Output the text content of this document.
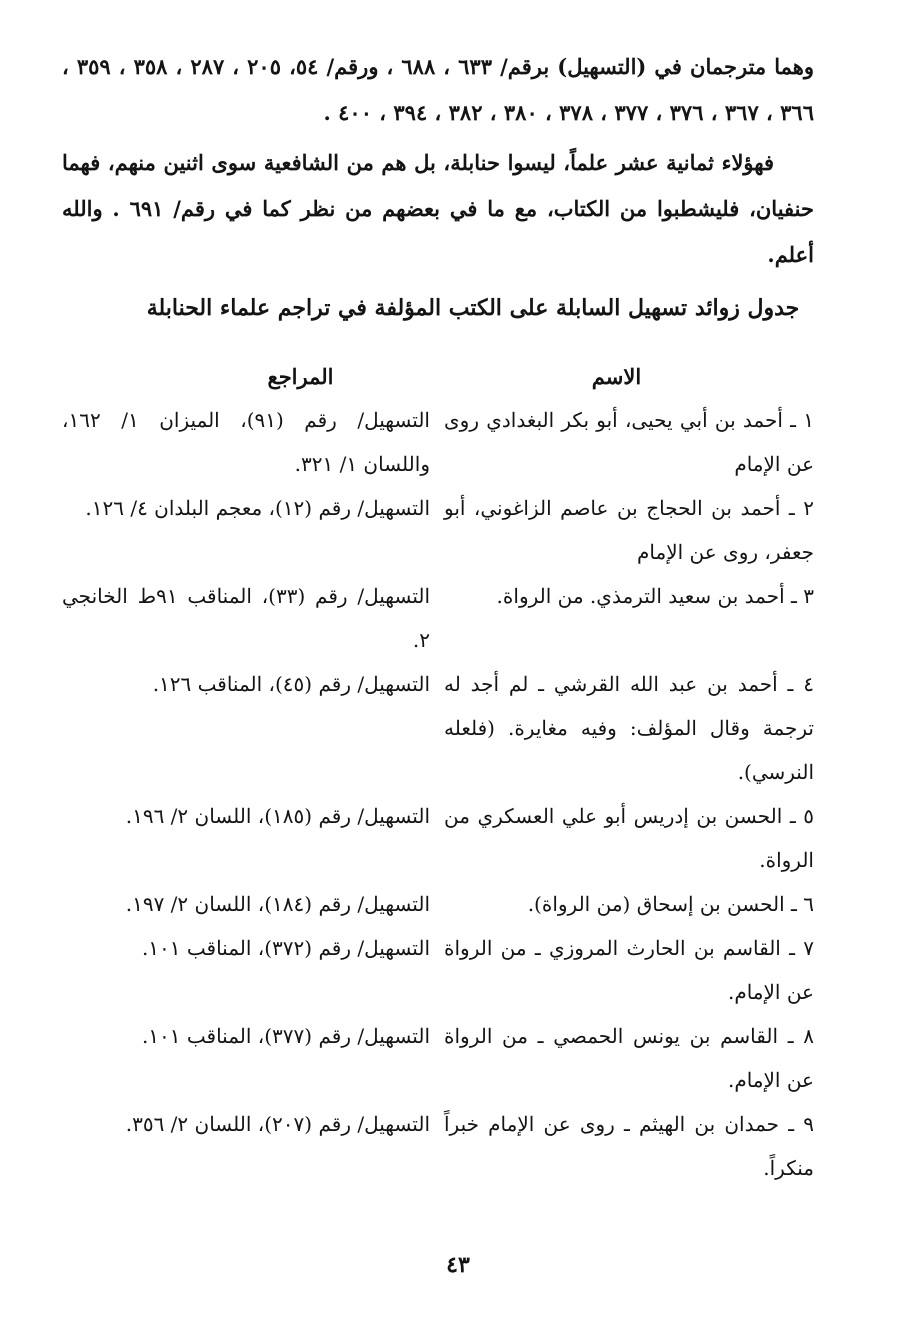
وهما مترجمان في (التسهيل) برقم/ ٦٣٣ ، ٦٨٨ ، ورقم/ ٥٤، ٢٠٥ ، ٢٨٧ ، ٣٥٨ ، ٣٥٩ ، ٣٦٦ ، ٣٦٧ ، ٣٧٦ ، ٣٧٧ ، ٣٧٨ ، ٣٨٠ ، ٣٨٢ ، ٣٩٤ ، ٤٠٠ .

فهؤلاء ثمانية عشر علماً، ليسوا حنابلة، بل هم من الشافعية سوى اثنين منهم، فهما حنفيان، فليشطبوا من الكتاب، مع ما في بعضهم من نظر كما في رقم/ ٦٩١ . والله أعلم.

جدول زوائد تسهيل السابلة على الكتب المؤلفة في تراجم علماء الحنابلة
الاسم
المراجع
١ ـ أحمد بن أبي يحيى، أبو بكر البغدادي روى عن الإمام
التسهيل/ رقم (٩١)، الميزان ١/ ١٦٢، واللسان ١/ ٣٢١.
٢ ـ أحمد بن الحجاج بن عاصم الزاغوني، أبو جعفر، روى عن الإمام
التسهيل/ رقم (١٢)، معجم البلدان ٤/ ١٢٦.
٣ ـ أحمد بن سعيد الترمذي. من الرواة.
التسهيل/ رقم (٣٣)، المناقب ٩١ط الخانجي ٢.
٤ ـ أحمد بن عبد الله القرشي ـ لم أجد له ترجمة وقال المؤلف: وفيه مغايرة. (فلعله النرسي).
التسهيل/ رقم (٤٥)، المناقب ١٢٦.
٥ ـ الحسن بن إدريس أبو علي العسكري من الرواة.
التسهيل/ رقم (١٨٥)، اللسان ٢/ ١٩٦.
٦ ـ الحسن بن إسحاق (من الرواة).
التسهيل/ رقم (١٨٤)، اللسان ٢/ ١٩٧.
٧ ـ القاسم بن الحارث المروزي ـ من الرواة عن الإمام.
التسهيل/ رقم (٣٧٢)، المناقب ١٠١.
٨ ـ القاسم بن يونس الحمصي ـ من الرواة عن الإمام.
التسهيل/ رقم (٣٧٧)، المناقب ١٠١.
٩ ـ حمدان بن الهيثم ـ روى عن الإمام خبراً منكراً.
التسهيل/ رقم (٢٠٧)، اللسان ٢/ ٣٥٦.
٤٣
